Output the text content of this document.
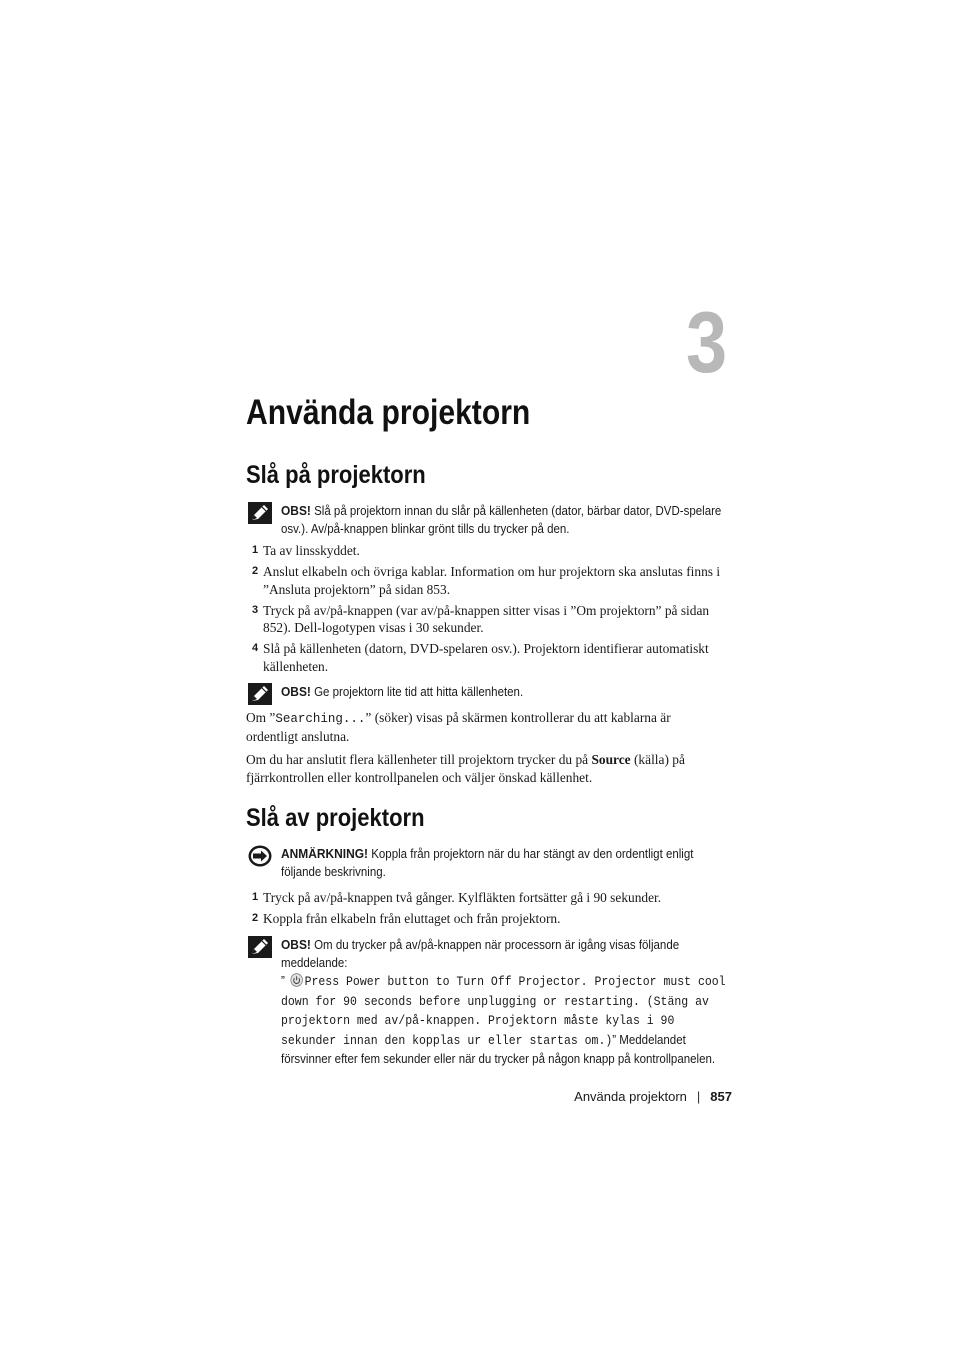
3
Använda projektorn
Slå på projektorn
OBS! Slå på projektorn innan du slår på källenheten (dator, bärbar dator, DVD-spelare osv.). Av/på-knappen blinkar grönt tills du trycker på den.
1 Ta av linsskyddet.
2 Anslut elkabeln och övriga kablar. Information om hur projektorn ska anslutas finns i ”Ansluta projektorn” på sidan 853.
3 Tryck på av/på-knappen (var av/på-knappen sitter visas i ”Om projektorn” på sidan 852). Dell-logotypen visas i 30 sekunder.
4 Slå på källenheten (datorn, DVD-spelaren osv.). Projektorn identifierar automatiskt källenheten.
OBS! Ge projektorn lite tid att hitta källenheten.

Om ”Searching...” (söker) visas på skärmen kontrollerar du att kablarna är ordentligt anslutna.

Om du har anslutit flera källenheter till projektorn trycker du på Source (källa) på fjärrkontrollen eller kontrollpanelen och väljer önskad källenhet.

Slå av projektorn
ANMÄRKNING! Koppla från projektorn när du har stängt av den ordentligt enligt följande beskrivning.
1 Tryck på av/på-knappen två gånger. Kylfläkten fortsätter gå i 90 sekunder.
2 Koppla från elkabeln från eluttaget och från projektorn.
OBS! Om du trycker på av/på-knappen när processorn är igång visas följande meddelande:
” Press Power button to Turn Off Projector. Projector must cool down for 90 seconds before unplugging or restarting. (Stäng av projektorn med av/på-knappen. Projektorn måste kylas i 90 sekunder innan den kopplas ur eller startas om.)” Meddelandet försvinner efter fem sekunder eller när du trycker på någon knapp på kontrollpanelen.
Använda projektorn | 857
